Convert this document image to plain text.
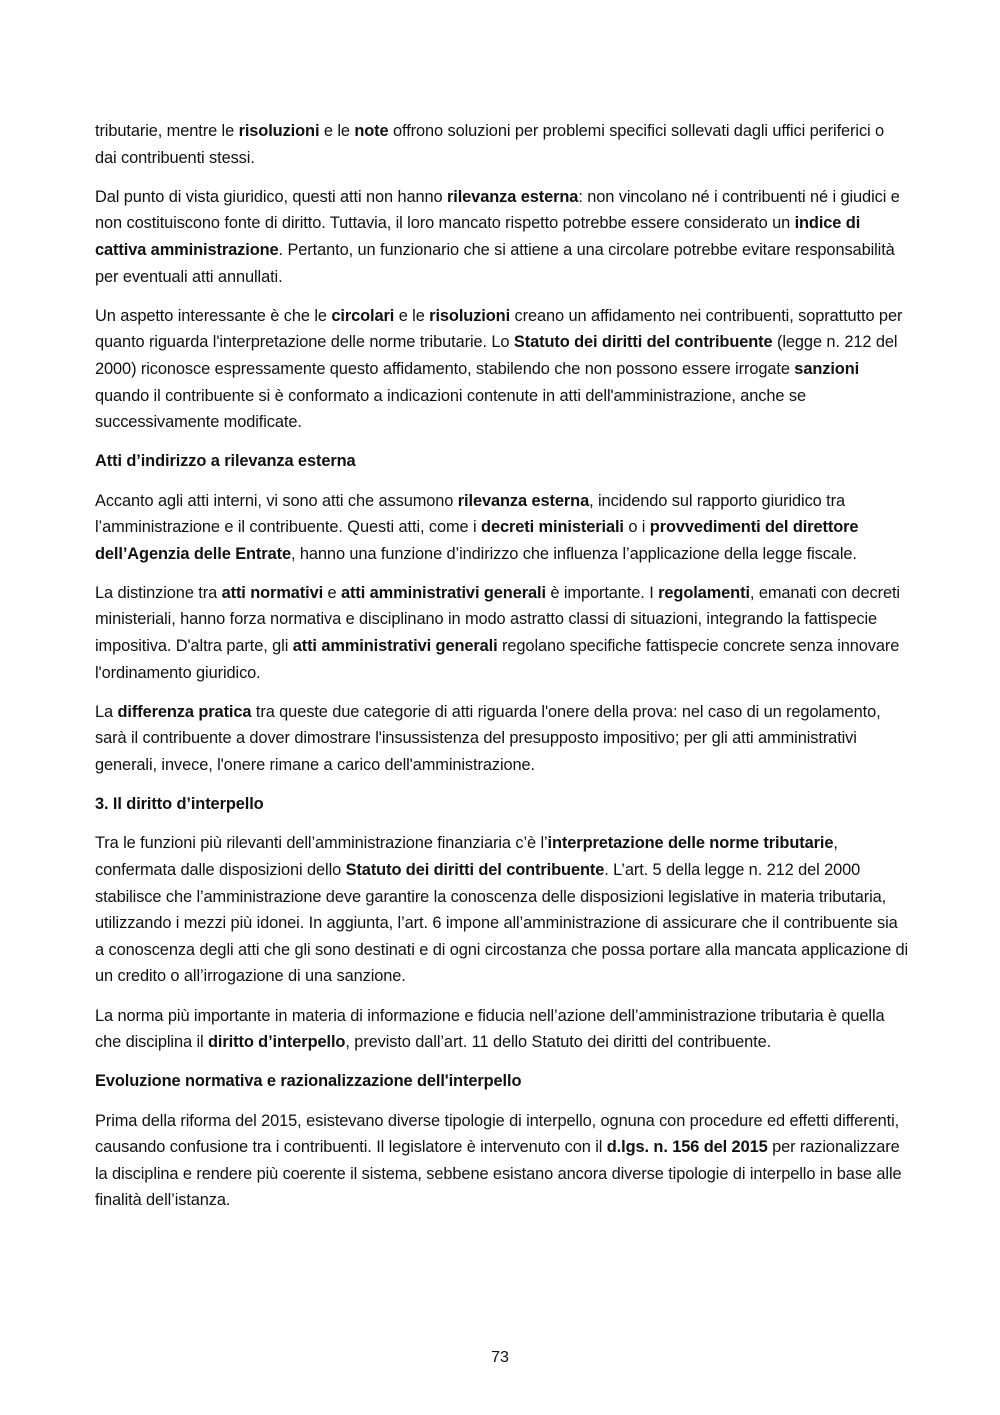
tributarie, mentre le risoluzioni e le note offrono soluzioni per problemi specifici sollevati dagli uffici periferici o dai contribuenti stessi.

Dal punto di vista giuridico, questi atti non hanno rilevanza esterna: non vincolano né i contribuenti né i giudici e non costituiscono fonte di diritto. Tuttavia, il loro mancato rispetto potrebbe essere considerato un indice di cattiva amministrazione. Pertanto, un funzionario che si attiene a una circolare potrebbe evitare responsabilità per eventuali atti annullati.

Un aspetto interessante è che le circolari e le risoluzioni creano un affidamento nei contribuenti, soprattutto per quanto riguarda l'interpretazione delle norme tributarie. Lo Statuto dei diritti del contribuente (legge n. 212 del 2000) riconosce espressamente questo affidamento, stabilendo che non possono essere irrogate sanzioni quando il contribuente si è conformato a indicazioni contenute in atti dell'amministrazione, anche se successivamente modificate.

Atti d’indirizzo a rilevanza esterna

Accanto agli atti interni, vi sono atti che assumono rilevanza esterna, incidendo sul rapporto giuridico tra l’amministrazione e il contribuente. Questi atti, come i decreti ministeriali o i provvedimenti del direttore dell’Agenzia delle Entrate, hanno una funzione d’indirizzo che influenza l’applicazione della legge fiscale.

La distinzione tra atti normativi e atti amministrativi generali è importante. I regolamenti, emanati con decreti ministeriali, hanno forza normativa e disciplinano in modo astratto classi di situazioni, integrando la fattispecie impositiva. D'altra parte, gli atti amministrativi generali regolano specifiche fattispecie concrete senza innovare l'ordinamento giuridico.

La differenza pratica tra queste due categorie di atti riguarda l'onere della prova: nel caso di un regolamento, sarà il contribuente a dover dimostrare l'insussistenza del presupposto impositivo; per gli atti amministrativi generali, invece, l'onere rimane a carico dell'amministrazione.

3. Il diritto d’interpello

Tra le funzioni più rilevanti dell’amministrazione finanziaria c’è l’interpretazione delle norme tributarie, confermata dalle disposizioni dello Statuto dei diritti del contribuente. L’art. 5 della legge n. 212 del 2000 stabilisce che l’amministrazione deve garantire la conoscenza delle disposizioni legislative in materia tributaria, utilizzando i mezzi più idonei. In aggiunta, l’art. 6 impone all’amministrazione di assicurare che il contribuente sia a conoscenza degli atti che gli sono destinati e di ogni circostanza che possa portare alla mancata applicazione di un credito o all’irrogazione di una sanzione.

La norma più importante in materia di informazione e fiducia nell’azione dell’amministrazione tributaria è quella che disciplina il diritto d’interpello, previsto dall’art. 11 dello Statuto dei diritti del contribuente.

Evoluzione normativa e razionalizzazione dell'interpello

Prima della riforma del 2015, esistevano diverse tipologie di interpello, ognuna con procedure ed effetti differenti, causando confusione tra i contribuenti. Il legislatore è intervenuto con il d.lgs. n. 156 del 2015 per razionalizzare la disciplina e rendere più coerente il sistema, sebbene esistano ancora diverse tipologie di interpello in base alle finalità dell’istanza.

73
